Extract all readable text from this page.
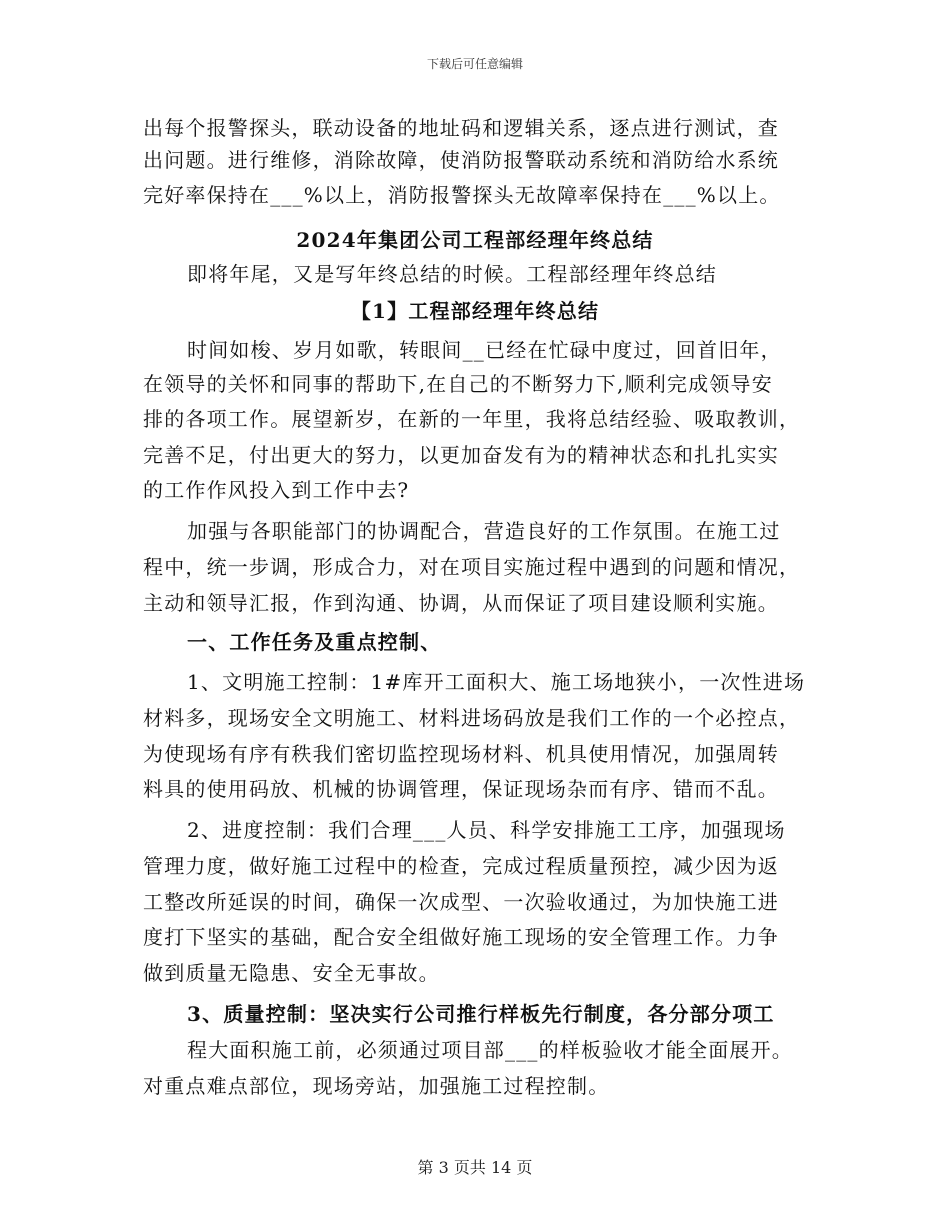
下载后可任意编辑
出每个报警探头，联动设备的地址码和逻辑关系，逐点进行测试，查
出问题。进行维修，消除故障，使消防报警联动系统和消防给水系统
完好率保持在___%以上，消防报警探头无故障率保持在___%以上。
2024年集团公司工程部经理年终总结
即将年尾，又是写年终总结的时候。工程部经理年终总结
【1】工程部经理年终总结
时间如梭、岁月如歌，转眼间__已经在忙碌中度过，回首旧年，
在领导的关怀和同事的帮助下,在自己的不断努力下,顺利完成领导安
排的各项工作。展望新岁，在新的一年里，我将总结经验、吸取教训，
完善不足，付出更大的努力，以更加奋发有为的精神状态和扎扎实实
的工作作风投入到工作中去?
加强与各职能部门的协调配合，营造良好的工作氛围。在施工过
程中，统一步调，形成合力，对在项目实施过程中遇到的问题和情况，
主动和领导汇报，作到沟通、协调，从而保证了项目建设顺利实施。
一、工作任务及重点控制、
1、文明施工控制：1#库开工面积大、施工场地狭小，一次性进场
材料多，现场安全文明施工、材料进场码放是我们工作的一个必控点，
为使现场有序有秩我们密切监控现场材料、机具使用情况，加强周转
料具的使用码放、机械的协调管理，保证现场杂而有序、错而不乱。
2、进度控制：我们合理___人员、科学安排施工工序，加强现场
管理力度，做好施工过程中的检查，完成过程质量预控，减少因为返
工整改所延误的时间，确保一次成型、一次验收通过，为加快施工进
度打下坚实的基础，配合安全组做好施工现场的安全管理工作。力争
做到质量无隐患、安全无事故。
3、质量控制：坚决实行公司推行样板先行制度，各分部分项工
程大面积施工前，必须通过项目部___的样板验收才能全面展开。
对重点难点部位，现场旁站，加强施工过程控制。
第 3 页共 14 页
